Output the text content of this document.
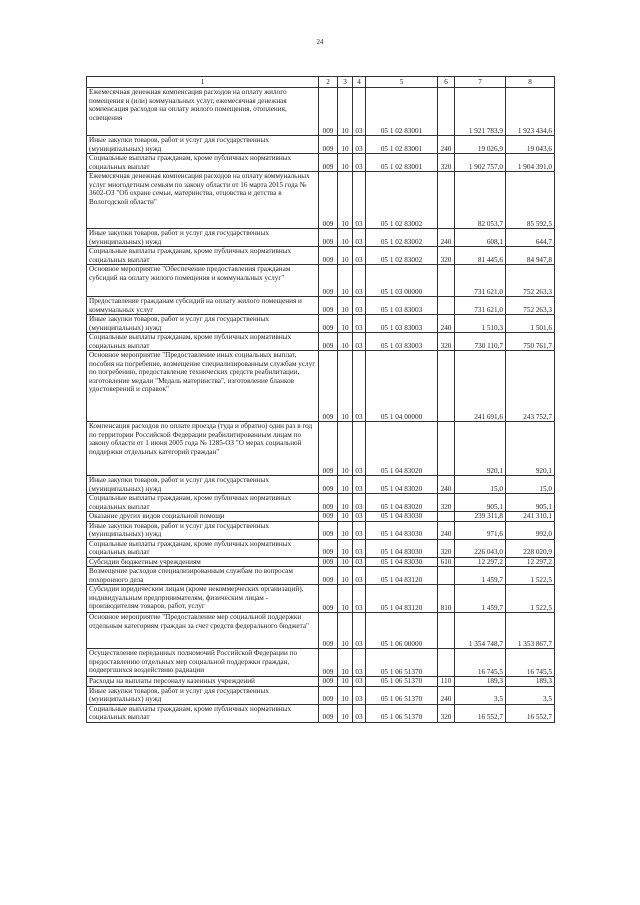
24
1	2	3	4	5	6	7	8
Ежемесячная денежная компенсация расходов на оплату жилого помещения и (или) коммунальных услуг, ежемесячная денежная компенсация расходов на оплату жилого помещения, отопления, освещения	009	10	03	05 1 02 83001		1 921 783,9	1 923 434,6
Иные закупки товаров, работ и услуг для государственных (муниципальных) нужд	009	10	03	05 1 02 83001	240	19 026,9	19 043,6
Социальные выплаты гражданам, кроме публичных нормативных социальных выплат	009	10	03	05 1 02 83001	320	1 902 757,0	1 904 391,0
Ежемесячная денежная компенсация расходов на оплату коммунальных услуг многодетным семьям по закону области от 16 марта 2015 года № 3602-ОЗ "Об охране семьи, материнства, отцовства и детства в Вологодской области"	009	10	03	05 1 02 83002		82 053,7	85 592,5
Иные закупки товаров, работ и услуг для государственных (муниципальных) нужд	009	10	03	05 1 02 83002	240	608,1	644,7
Социальные выплаты гражданам, кроме публичных нормативных социальных выплат	009	10	03	05 1 02 83002	320	81 445,6	84 947,8
Основное мероприятие "Обеспечение предоставления гражданам субсидий на оплату жилого помещения и коммунальных услуг"	009	10	03	05 1 03 00000		731 621,0	752 263,3
Предоставление гражданам субсидий на оплату жилого помещения и коммунальных услуг	009	10	03	05 1 03 83003		731 621,0	752 263,3
Иные закупки товаров, работ и услуг для государственных (муниципальных) нужд	009	10	03	05 1 03 83003	240	1 510,3	1 501,6
Социальные выплаты гражданам, кроме публичных нормативных социальных выплат	009	10	03	05 1 03 83003	320	730 110,7	750 761,7
Основное мероприятие "Предоставление иных социальных выплат, пособия на погребение, возмещение специализированным службам услуг по погребению, предоставление технических средств реабилитации, изготовление медали "Медаль материнства", изготовление бланков удостоверений и справок"	009	10	03	05 1 04 00000		241 691,6	243 752,7
Компенсация расходов по оплате проезда (туда и обратно) один раз в год по территории Российской Федерации реабилитированным лицам по закону области от 1 июня 2005 года № 1285-ОЗ "О мерах социальной поддержки отдельных категорий граждан"	009	10	03	05 1 04 83020		920,1	920,1
Иные закупки товаров, работ и услуг для государственных (муниципальных) нужд	009	10	03	05 1 04 83020	240	15,0	15,0
Социальные выплаты гражданам, кроме публичных нормативных социальных выплат	009	10	03	05 1 04 83020	320	905,1	905,1
Оказание других видов социальной помощи	009	10	03	05 1 04 83030		239 311,8	241 310,1
Иные закупки товаров, работ и услуг для государственных (муниципальных) нужд	009	10	03	05 1 04 83030	240	971,6	992,0
Социальные выплаты гражданам, кроме публичных нормативных социальных выплат	009	10	03	05 1 04 83030	320	226 043,0	228 020,9
Субсидии бюджетным учреждениям	009	10	03	05 1 04 83030	610	12 297,2	12 297,2
Возмещение расходов специализированным службам по вопросам похоронного дела	009	10	03	05 1 04 83120		1 459,7	1 522,5
Субсидии юридическим лицам (кроме некоммерческих организаций), индивидуальным предпринимателям, физическим лицам - производителям товаров, работ, услуг	009	10	03	05 1 04 83120	810	1 459,7	1 522,5
Основное мероприятие "Предоставление мер социальной поддержки отдельным категориям граждан за счет средств федерального бюджета"	009	10	03	05 1 06 00000		1 354 748,7	1 353 867,7
Осуществление переданных полномочий Российской Федерации по предоставлению отдельных мер социальной поддержки граждан, подвергшихся воздействию радиации	009	10	03	05 1 06 51370		16 745,5	16 745,5
Расходы на выплаты персоналу казенных учреждений	009	10	03	05 1 06 51370	110	189,3	189,3
Иные закупки товаров, работ и услуг для государственных (муниципальных) нужд	009	10	03	05 1 06 51370	240	3,5	3,5
Социальные выплаты гражданам, кроме публичных нормативных социальных выплат	009	10	03	05 1 06 51370	320	16 552,7	16 552,7
